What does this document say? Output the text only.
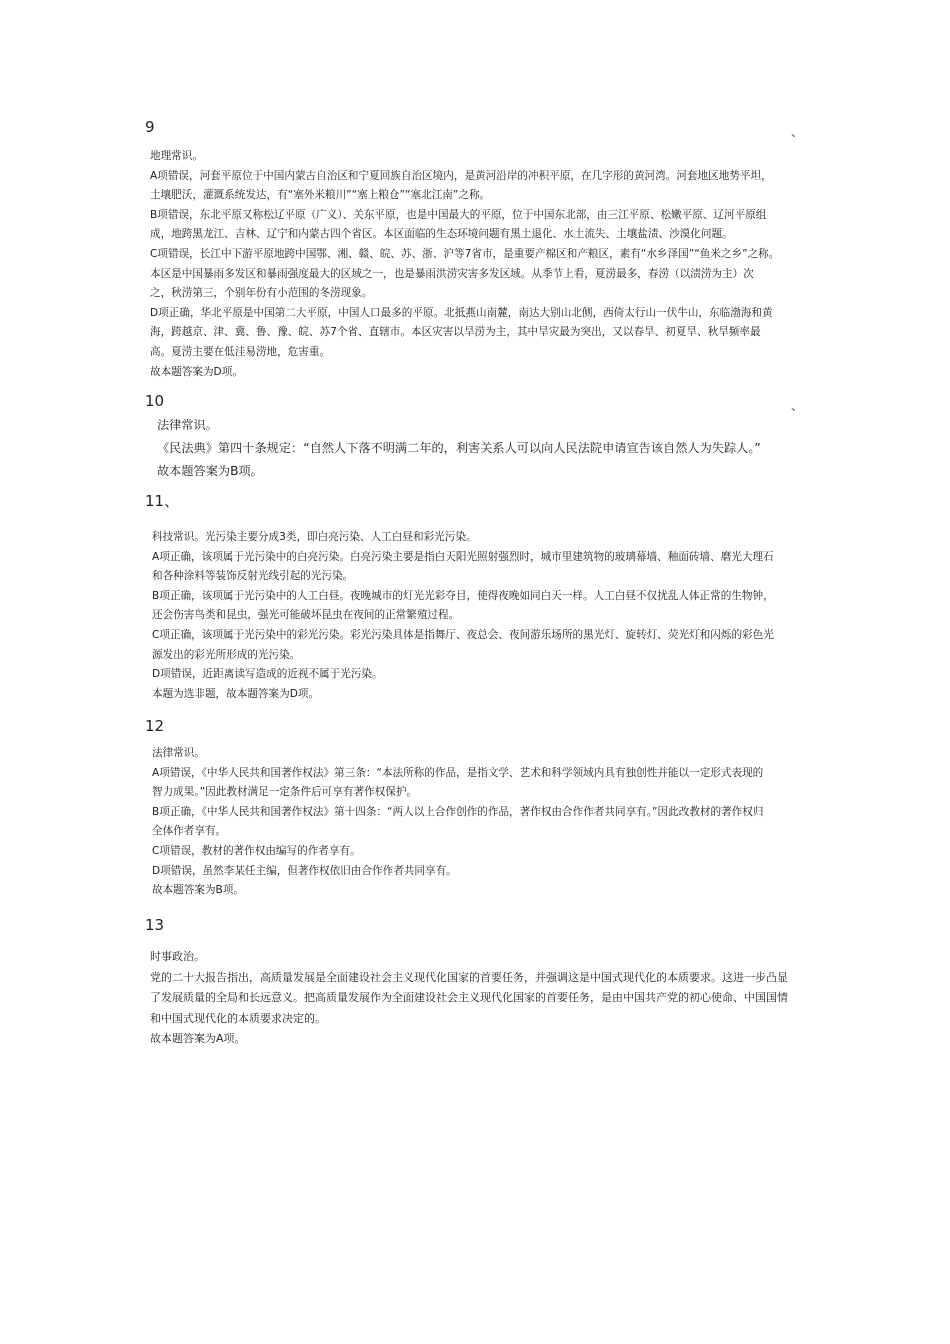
9	、

地理常识。

A项错误，河套平原位于中国内蒙古自治区和宁夏回族自治区境内，是黄河沿岸的冲积平原，在几字形的黄河湾。河套地区地势平坦，

土壤肥沃，灌溉系统发达，有“塞外米粮川”“塞上粮仓”“塞北江南”之称。

B项错误，东北平原又称松辽平原（广义）、关东平原，也是中国最大的平原，位于中国东北部，由三江平原、松嫩平原、辽河平原组

成，地跨黑龙江、吉林、辽宁和内蒙古四个省区。本区面临的生态环境问题有黑土退化、水土流失、土壤盐渍、沙漠化问题。

C项错误，长江中下游平原地跨中国鄂、湘、赣、皖、苏、浙、沪等7省市，是重要产棉区和产粮区，素有“水乡泽国”“鱼米之乡”之称。

本区是中国暴雨多发区和暴雨强度最大的区域之一，也是暴雨洪涝灾害多发区域。从季节上看，夏涝最多，春涝（以渍涝为主）次

之，秋涝第三，个别年份有小范围的冬涝现象。

D项正确，华北平原是中国第二大平原，中国人口最多的平原。北抵燕山南麓，南达大别山北侧，西倚太行山一伏牛山，东临渤海和黄

海，跨越京、津、冀、鲁、豫、皖、苏7个省、直辖市。本区灾害以旱涝为主，其中旱灾最为突出，又以春旱、初夏旱、秋旱频率最

高。夏涝主要在低洼易涝地，危害重。

故本题答案为D项。

10	、

法律常识。

《民法典》第四十条规定：“自然人下落不明满二年的，利害关系人可以向人民法院申请宣告该自然人为失踪人。”

故本题答案为B项。

11、

科技常识。光污染主要分成3类，即白亮污染、人工白昼和彩光污染。

A项正确，该项属于光污染中的白亮污染。白亮污染主要是指白天阳光照射强烈时，城市里建筑物的玻璃幕墙、釉面砖墙、磨光大理石

和各种涂料等装饰反射光线引起的光污染。

B项正确，该项属于光污染中的人工白昼。夜晚城市的灯光光彩夺目，使得夜晚如同白天一样。人工白昼不仅扰乱人体正常的生物钟，

还会伤害鸟类和昆虫，强光可能破坏昆虫在夜间的正常繁殖过程。

C项正确，该项属于光污染中的彩光污染。彩光污染具体是指舞厅、夜总会、夜间游乐场所的黑光灯、旋转灯、荧光灯和闪烁的彩色光

源发出的彩光所形成的光污染。

D项错误，近距离读写造成的近视不属于光污染。

本题为选非题，故本题答案为D项。

12

法律常识。

A项错误，《中华人民共和国著作权法》第三条：“本法所称的作品，是指文学、艺术和科学领域内具有独创性并能以一定形式表现的

智力成果。”因此教材满足一定条件后可享有著作权保护。

B项正确，《中华人民共和国著作权法》第十四条：“两人以上合作创作的作品，著作权由合作作者共同享有。”因此改教材的著作权归

全体作者享有。

C项错误，教材的著作权由编写的作者享有。

D项错误，虽然李某任主编，但著作权依旧由合作作者共同享有。

故本题答案为B项。

13

时事政治。

党的二十大报告指出，高质量发展是全面建设社会主义现代化国家的首要任务，并强调这是中国式现代化的本质要求。这进一步凸显

了发展质量的全局和长远意义。把高质量发展作为全面建设社会主义现代化国家的首要任务，是由中国共产党的初心使命、中国国情

和中国式现代化的本质要求决定的。

故本题答案为A项。
